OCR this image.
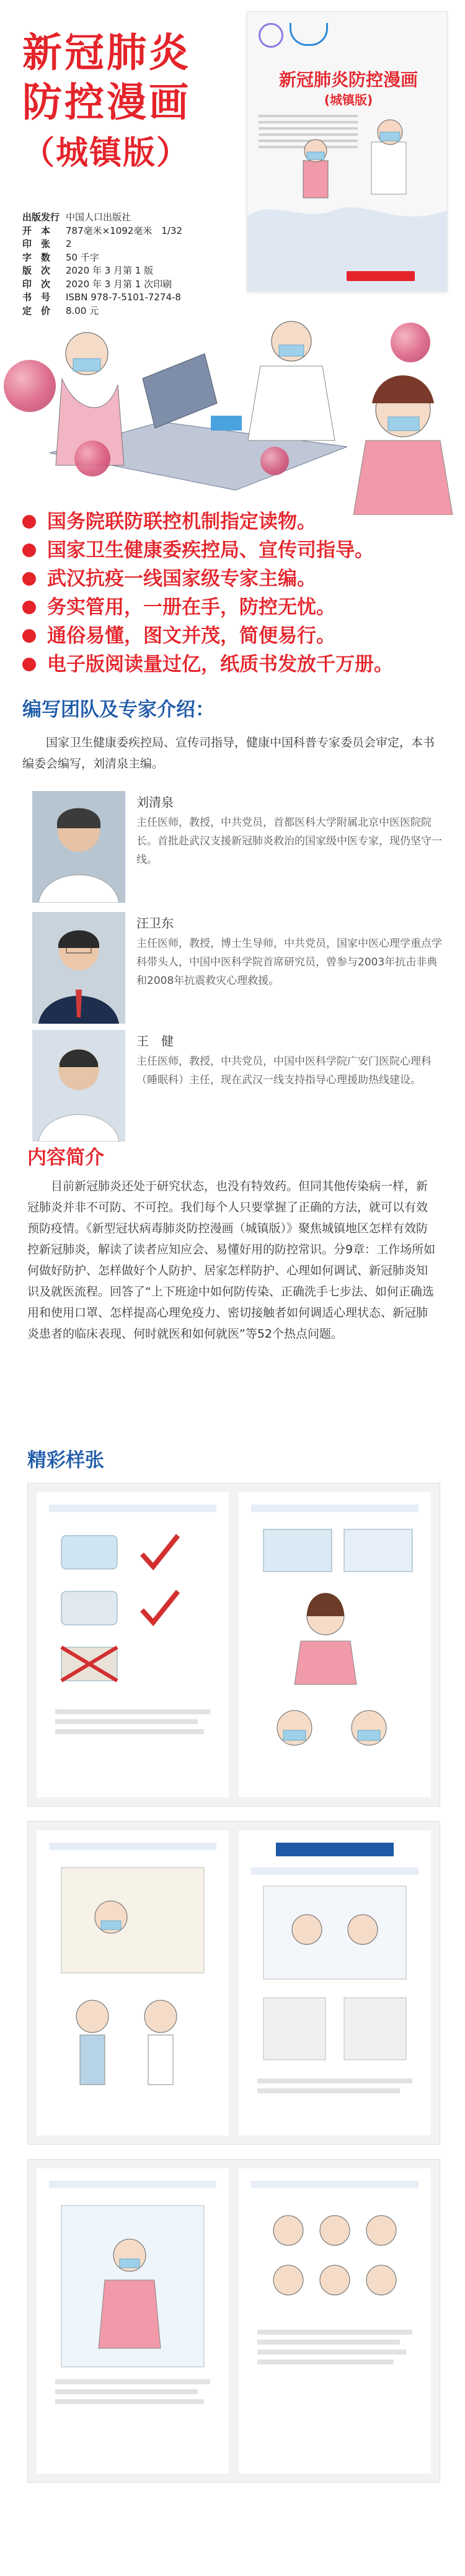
新冠肺炎
防控漫画
（城镇版）
新冠肺炎防控漫画
(城镇版)
出版发行 中国人口出版社
开　本	787毫米×1092毫米　1/32
印　张	2
字　数	50 千字
版　次	2020 年 3 月第 1 版
印　次	2020 年 3 月第 1 次印刷
书　号	ISBN 978-7-5101-7274-8
定　价	8.00 元
国务院联防联控机制指定读物。
国家卫生健康委疾控局、宣传司指导。
武汉抗疫一线国家级专家主编。
务实管用，一册在手，防控无忧。
通俗易懂，图文并茂，简便易行。
电子版阅读量过亿，纸质书发放千万册。
编写团队及专家介绍：
国家卫生健康委疾控局、宣传司指导，健康中国科普专家委员会审定，本书编委会编写，刘清泉主编。
刘清泉
主任医师，教授，中共党员，首都医科大学附属北京中医医院院长。首批赴武汉支援新冠肺炎救治的国家级中医专家，现仍坚守一线。
汪卫东
主任医师，教授，博士生导师，中共党员，国家中医心理学重点学科带头人，中国中医科学院首席研究员，曾参与2003年抗击非典和2008年抗震救灾心理救援。
王　健
主任医师，教授，中共党员，中国中医科学院广安门医院心理科（睡眠科）主任，现在武汉一线支持指导心理援助热线建设。
内容简介
目前新冠肺炎还处于研究状态，也没有特效药。但同其他传染病一样，新冠肺炎并非不可防、不可控。我们每个人只要掌握了正确的方法，就可以有效预防疫情。《新型冠状病毒肺炎防控漫画（城镇版）》聚焦城镇地区怎样有效防控新冠肺炎，解读了读者应知应会、易懂好用的防控常识。分9章：工作场所如何做好防护、怎样做好个人防护、居家怎样防护、心理如何调试、新冠肺炎知识及就医流程。回答了“上下班途中如何防传染、正确洗手七步法、如何正确选用和使用口罩、怎样提高心理免疫力、密切接触者如何调适心理状态、新冠肺炎患者的临床表现、何时就医和如何就医”等52个热点问题。
精彩样张
